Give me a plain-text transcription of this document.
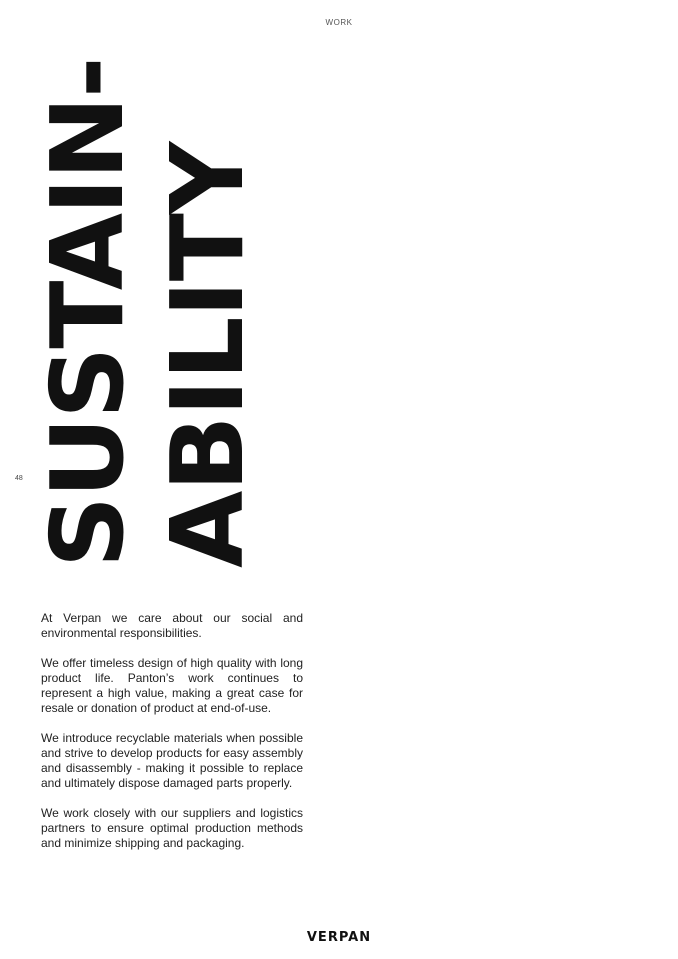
WORK
48 SUSTAIN- ABILITY

At Verpan we care about our social and environmental responsibilities.

We offer timeless design of high quality with long product life. Panton’s work continues to represent a high value, making a great case for resale or donation of product at end-of-use.

We introduce recyclable materials when possible and strive to develop products for easy assembly and disassembly - making it possible to replace and ultimately dispose damaged parts properly.

We work closely with our suppliers and logistics partners to ensure optimal production methods and minimize shipping and packaging.

VERPAN
